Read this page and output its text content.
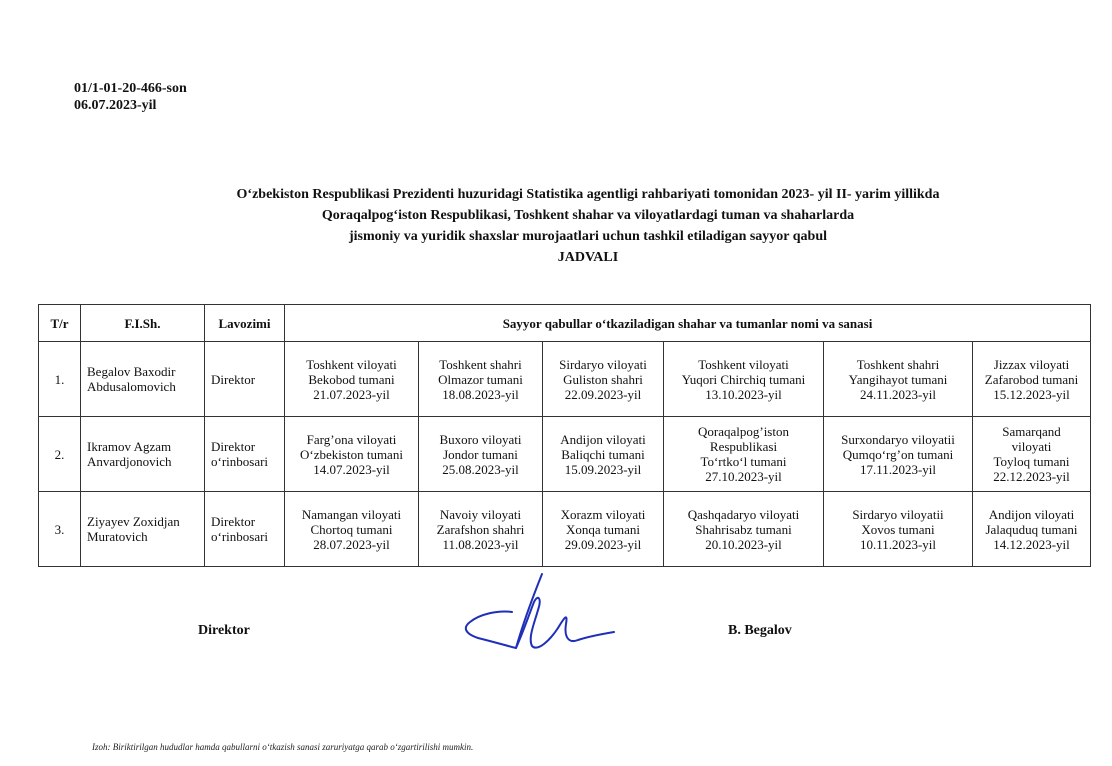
01/1-01-20-466-son
06.07.2023-yil
O‘zbekiston Respublikasi Prezidenti huzuridagi Statistika agentligi rahbariyati tomonidan 2023- yil II- yarim yillikda
Qoraqalpog‘iston Respublikasi, Toshkent shahar va viloyatlardagi tuman va shaharlarda
jismoniy va yuridik shaxslar murojaatlari uchun tashkil etiladigan sayyor qabul
JADVALI
T/r	F.I.Sh.	Lavozimi	Sayyor qabullar o‘tkaziladigan shahar va tumanlar nomi va sanasi					
1.	Begalov Baxodir
Abdusalomovich	Direktor	Toshkent viloyati
Bekobod tumani
21.07.2023-yil	Toshkent shahri
Olmazor tumani
18.08.2023-yil	Sirdaryo viloyati
Guliston shahri
22.09.2023-yil	Toshkent viloyati
Yuqori Chirchiq tumani
13.10.2023-yil	Toshkent shahri
Yangihayot tumani
24.11.2023-yil	Jizzax viloyati
Zafarobod tumani
15.12.2023-yil

2.	Ikramov Agzam
Anvardjonovich	Direktor
o‘rinbosari	Farg’ona viloyati
O‘zbekiston tumani
14.07.2023-yil	Buxoro viloyati
Jondor tumani
25.08.2023-yil	Andijon viloyati
Baliqchi tumani
15.09.2023-yil	Qoraqalpog’iston
Respublikasi
To‘rtko‘l tumani
27.10.2023-yil	Surxondaryo viloyatii
Qumqo‘rg’on tumani
17.11.2023-yil	Samarqand
viloyati
Toyloq tumani
22.12.2023-yil

3.	Ziyayev Zoxidjan
Muratovich	Direktor
o‘rinbosari	Namangan viloyati
Chortoq tumani
28.07.2023-yil	Navoiy viloyati
Zarafshon shahri
11.08.2023-yil	Xorazm viloyati
Xonqa tumani
29.09.2023-yil	Qashqadaryo viloyati
Shahrisabz tumani
20.10.2023-yil	Sirdaryo viloyatii
Xovos tumani
10.11.2023-yil	Andijon viloyati
Jalaquduq tumani
14.12.2023-yil
Direktor	B. Begalov
Izoh: Biriktirilgan hududlar hamda qabullarni o‘tkazish sanasi zaruriyatga qarab o‘zgartirilishi mumkin.
